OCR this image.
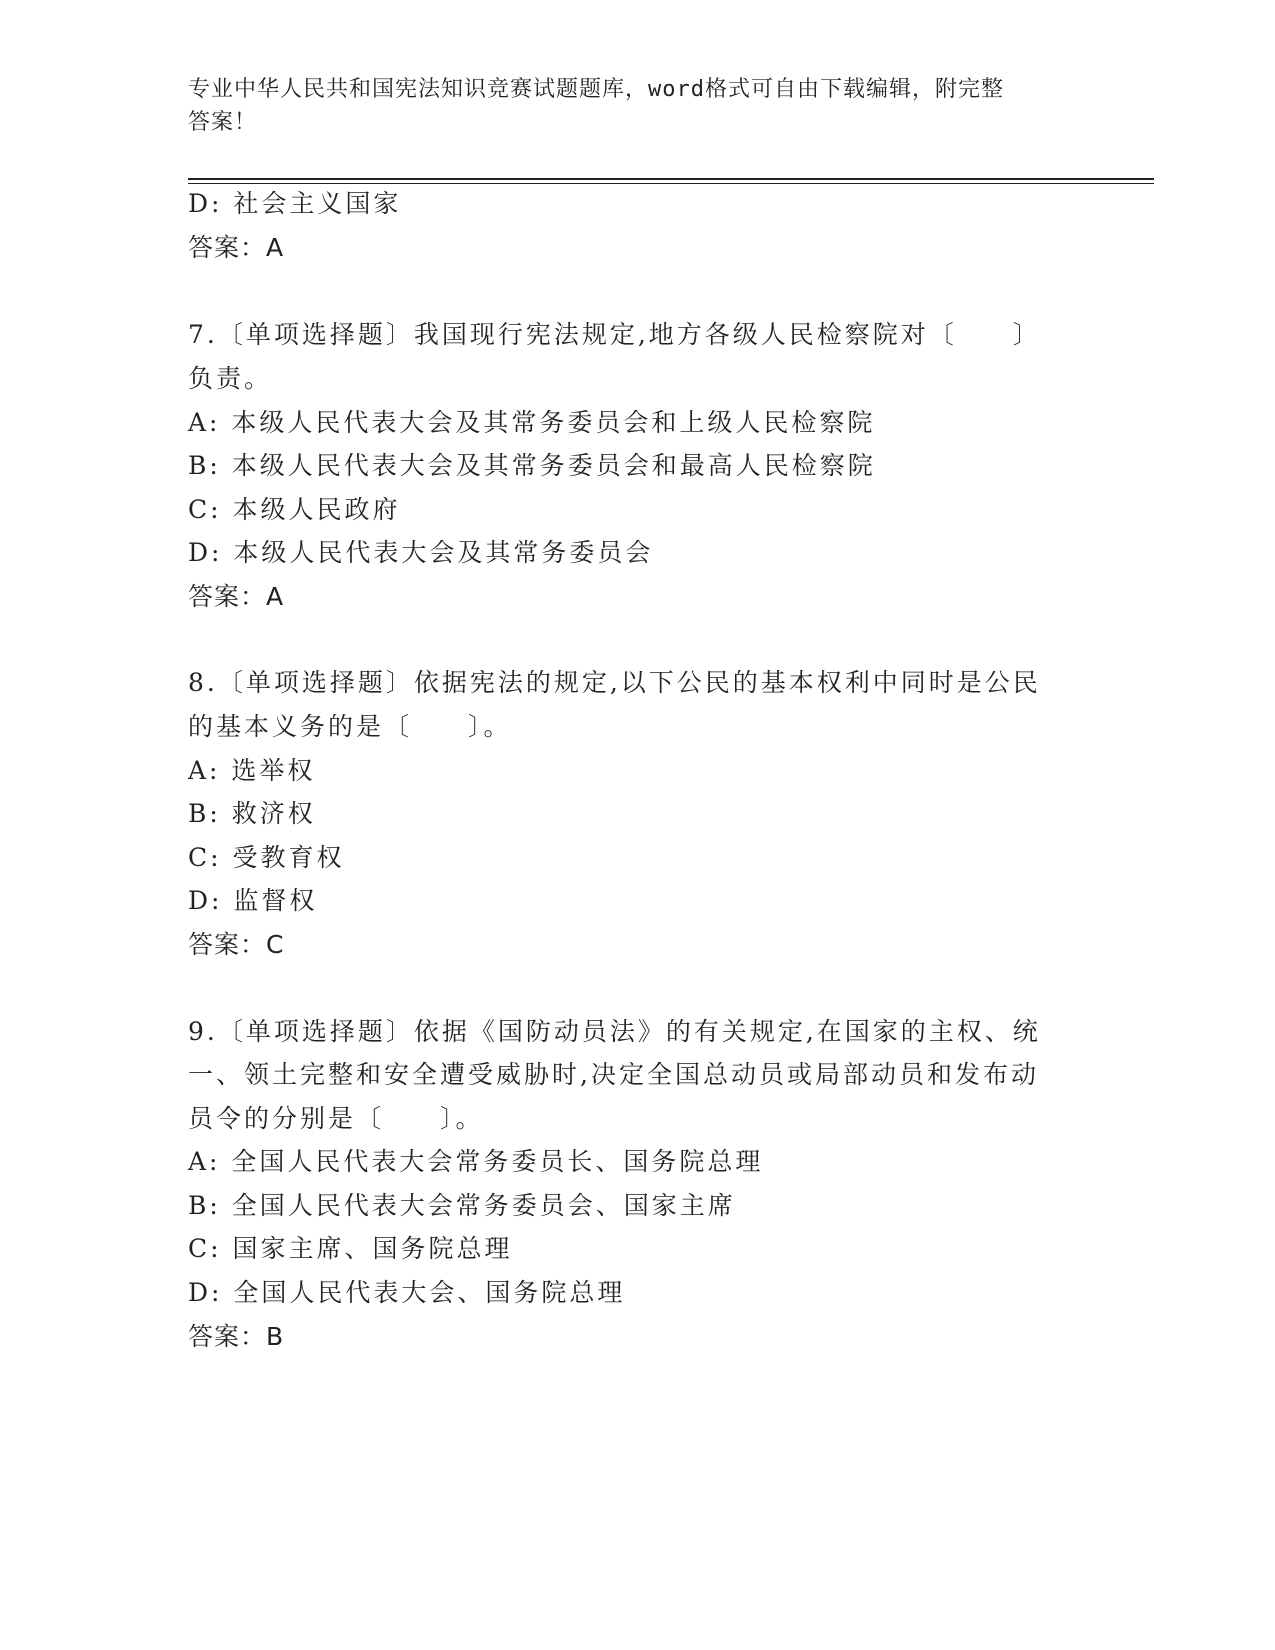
专业中华人民共和国宪法知识竞赛试题题库，word格式可自由下载编辑，附完整
答案！
D: 社会主义国家
答案：A
7.〔单项选择题〕我国现行宪法规定,地方各级人民检察院对〔　　〕
负责。
A: 本级人民代表大会及其常务委员会和上级人民检察院
B: 本级人民代表大会及其常务委员会和最高人民检察院
C: 本级人民政府
D: 本级人民代表大会及其常务委员会
答案：A
8.〔单项选择题〕依据宪法的规定,以下公民的基本权利中同时是公民
的基本义务的是〔　　〕。
A: 选举权
B: 救济权
C: 受教育权
D: 监督权
答案：C
9.〔单项选择题〕依据《国防动员法》的有关规定,在国家的主权、统
一、领土完整和安全遭受威胁时,决定全国总动员或局部动员和发布动
员令的分别是〔　　〕。
A: 全国人民代表大会常务委员长、国务院总理
B: 全国人民代表大会常务委员会、国家主席
C: 国家主席、国务院总理
D: 全国人民代表大会、国务院总理
答案：B
